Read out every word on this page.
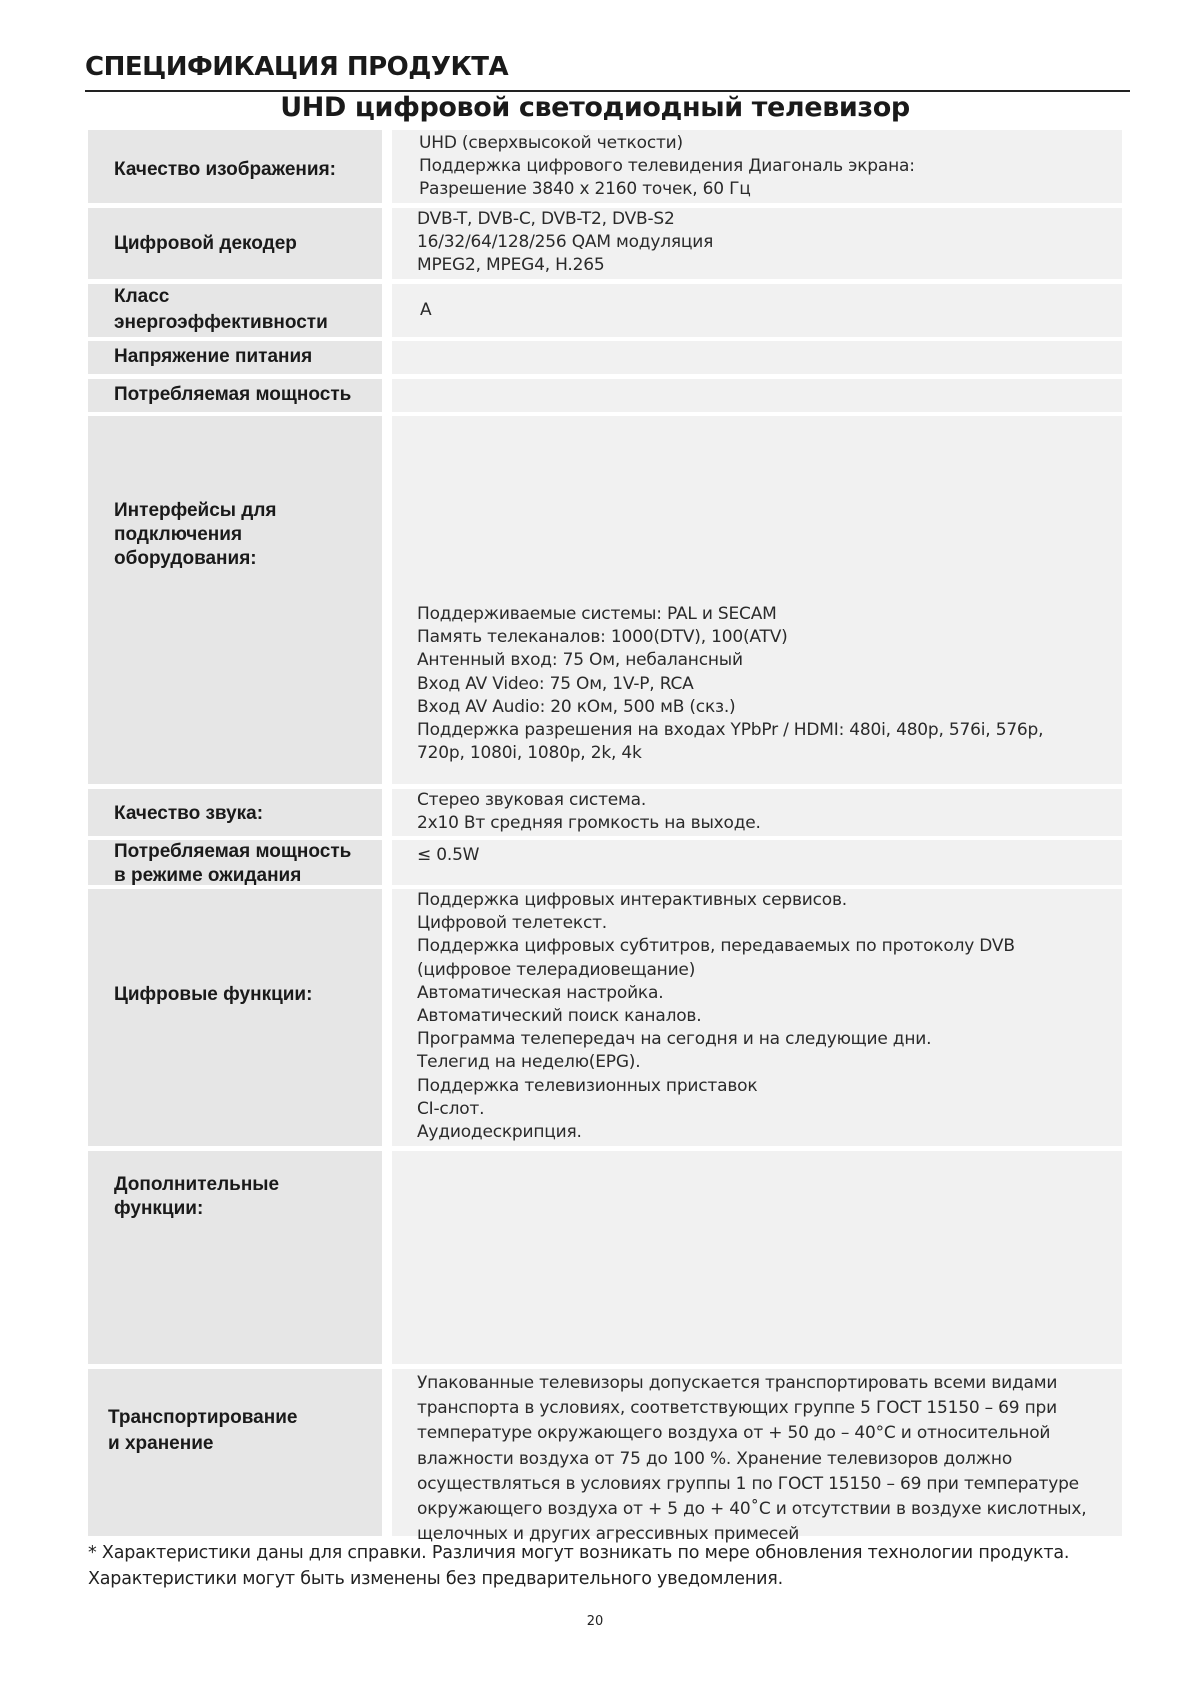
СПЕЦИФИКАЦИЯ ПРОДУКТА
UHD цифровой светодиодный телевизор
Качество изображения:
UHD (сверхвысокой четкости)
Поддержка цифрового телевидения Диагональ экрана:
Разрешение 3840 x 2160 точек, 60 Гц
Цифровой декодер
DVB-T, DVB-C, DVB-T2, DVB-S2
16/32/64/128/256 QAM модуляция
MPEG2, MPEG4, H.265
Класс
энергоэффективности
A
Напряжение питания
Потребляемая мощность
Интерфейсы для
подключения
оборудования:
Поддерживаемые системы: PAL и SECAM
Память телеканалов: 1000(DTV), 100(ATV)
Антенный вход: 75 Ом, небалансный
Вход AV Video: 75 Ом, 1V-P, RCA
Вход AV Audio: 20 кОм, 500 мВ (скз.)
Поддержка разрешения на входах YPbPr / HDMI: 480i, 480p, 576i, 576p,
720p, 1080i, 1080p, 2k, 4k
Качество звука:
Стерео звуковая система.
2x10 Вт средняя громкость на выходе.
Потребляемая мощность
в режиме ожидания
≤ 0.5W
Цифровые функции:
Поддержка цифровых интерактивных сервисов.
Цифровой телетекст.
Поддержка цифровых субтитров, передаваемых по протоколу DVB
(цифровое телерадиовещание)
Автоматическая настройка.
Автоматический поиск каналов.
Программа телепередач на сегодня и на следующие дни.
Телегид на неделю(EPG).
Поддержка телевизионных приставок
CI-слот.
Аудиодескрипция.
Дополнительные
функции:
Транспортирование
и хранение
Упакованные телевизоры допускается транспортировать всеми видами
транспорта в условиях, соответствующих группе 5 ГОСТ 15150 – 69 при
температуре окружающего воздуха от + 50 до – 40°С и относительной
влажности воздуха от 75 до 100 %. Хранение телевизоров должно
осуществляться в условиях группы 1 по ГОСТ 15150 – 69 при температуре
окружающего воздуха от + 5 до + 40˚С и отсутствии в воздухе кислотных,
щелочных и других агрессивных примесей
* Характеристики даны для справки. Различия могут возникать по мере обновления технологии продукта.
Характеристики могут быть изменены без предварительного уведомления.
20
